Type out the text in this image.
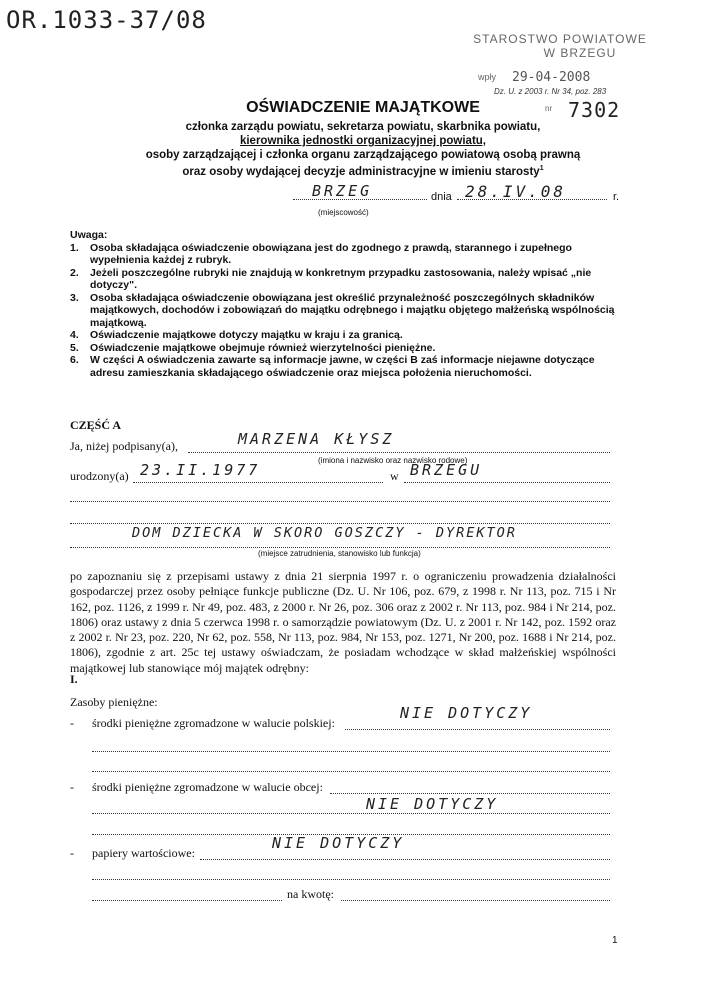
OR.1033-37/08
STAROSTWO POWIATOWE
W BRZEGU
wpły 29-04-2008
Dz. U. z 2003 r. Nr 34, poz. 283
nr 7302
OŚWIADCZENIE MAJĄTKOWE
członka zarządu powiatu, sekretarza powiatu, skarbnika powiatu,
kierownika jednostki organizacyjnej powiatu,
osoby zarządzającej i członka organu zarządzającego powiatową osobą prawną
oraz osoby wydającej decyzje administracyjne w imieniu starosty$^1$
BRZEG	dnia 28.IV.08	r.
(miejscowość)
Uwaga:
1. Osoba składająca oświadczenie obowiązana jest do zgodnego z prawdą, starannego i zupełnego wypełnienia każdej z rubryk.
2. Jeżeli poszczególne rubryki nie znajdują w konkretnym przypadku zastosowania, należy wpisać „nie dotyczy".
3. Osoba składająca oświadczenie obowiązana jest określić przynależność poszczególnych składników majątkowych, dochodów i zobowiązań do majątku odrębnego i majątku objętego małżeńską wspólnością majątkową.
4. Oświadczenie majątkowe dotyczy majątku w kraju i za granicą.
5. Oświadczenie majątkowe obejmuje również wierzytelności pieniężne.
6. W części A oświadczenia zawarte są informacje jawne, w części B zaś informacje niejawne dotyczące adresu zamieszkania składającego oświadczenie oraz miejsca położenia nieruchomości.
CZĘŚĆ A
Ja, niżej podpisany(a),	MARZENA KŁYSZ
(imiona i nazwisko oraz nazwisko rodowe)
urodzony(a) 23.II.1977	w BRZEGU
DOM DZIECKA W SKORO GOSZCZY - DYREKTOR
(miejsce zatrudnienia, stanowisko lub funkcja)
po zapoznaniu się z przepisami ustawy z dnia 21 sierpnia 1997 r. o ograniczeniu prowadzenia działalności gospodarczej przez osoby pełniące funkcje publiczne (Dz. U. Nr 106, poz. 679, z 1998 r. Nr 113, poz. 715 i Nr 162, poz. 1126, z 1999 r. Nr 49, poz. 483, z 2000 r. Nr 26, poz. 306 oraz z 2002 r. Nr 113, poz. 984 i Nr 214, poz. 1806) oraz ustawy z dnia 5 czerwca 1998 r. o samorządzie powiatowym (Dz. U. z 2001 r. Nr 142, poz. 1592 oraz z 2002 r. Nr 23, poz. 220, Nr 62, poz. 558, Nr 113, poz. 984, Nr 153, poz. 1271, Nr 200, poz. 1688 i Nr 214, poz. 1806), zgodnie z art. 25c tej ustawy oświadczam, że posiadam wchodzące w skład małżeńskiej wspólności majątkowej lub stanowiące mój majątek odrębny:
I.
Zasoby pieniężne:
- środki pieniężne zgromadzone w walucie polskiej:
NIE DOTYCZY
- środki pieniężne zgromadzone w walucie obcej:
NIE DOTYCZY
- papiery wartościowe:
NIE DOTYCZY
na kwotę:
1
